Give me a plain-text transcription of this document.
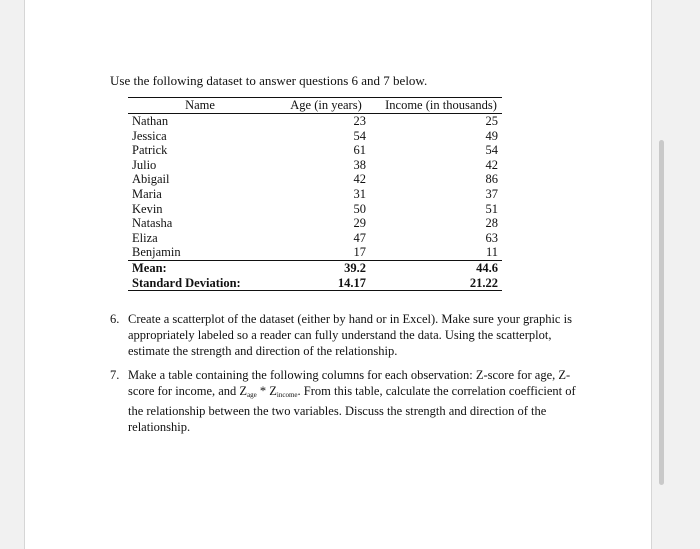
Use the following dataset to answer questions 6 and 7 below.
Name	Age (in years)	Income (in thousands)
Nathan	23	25
Jessica	54	49
Patrick	61	54
Julio	38	42
Abigail	42	86
Maria	31	37
Kevin	50	51
Natasha	29	28
Eliza	47	63
Benjamin	17	11
Mean:	39.2	44.6
Standard Deviation:	14.17	21.22
6. Create a scatterplot of the dataset (either by hand or in Excel). Make sure your graphic is appropriately labeled so a reader can fully understand the data. Using the scatterplot, estimate the strength and direction of the relationship.
7. Make a table containing the following columns for each observation: Z-score for age, Z-score for income, and $Z_{age} * Z_{income}$. From this table, calculate the correlation coefficient of the relationship between the two variables. Discuss the strength and direction of the relationship.
